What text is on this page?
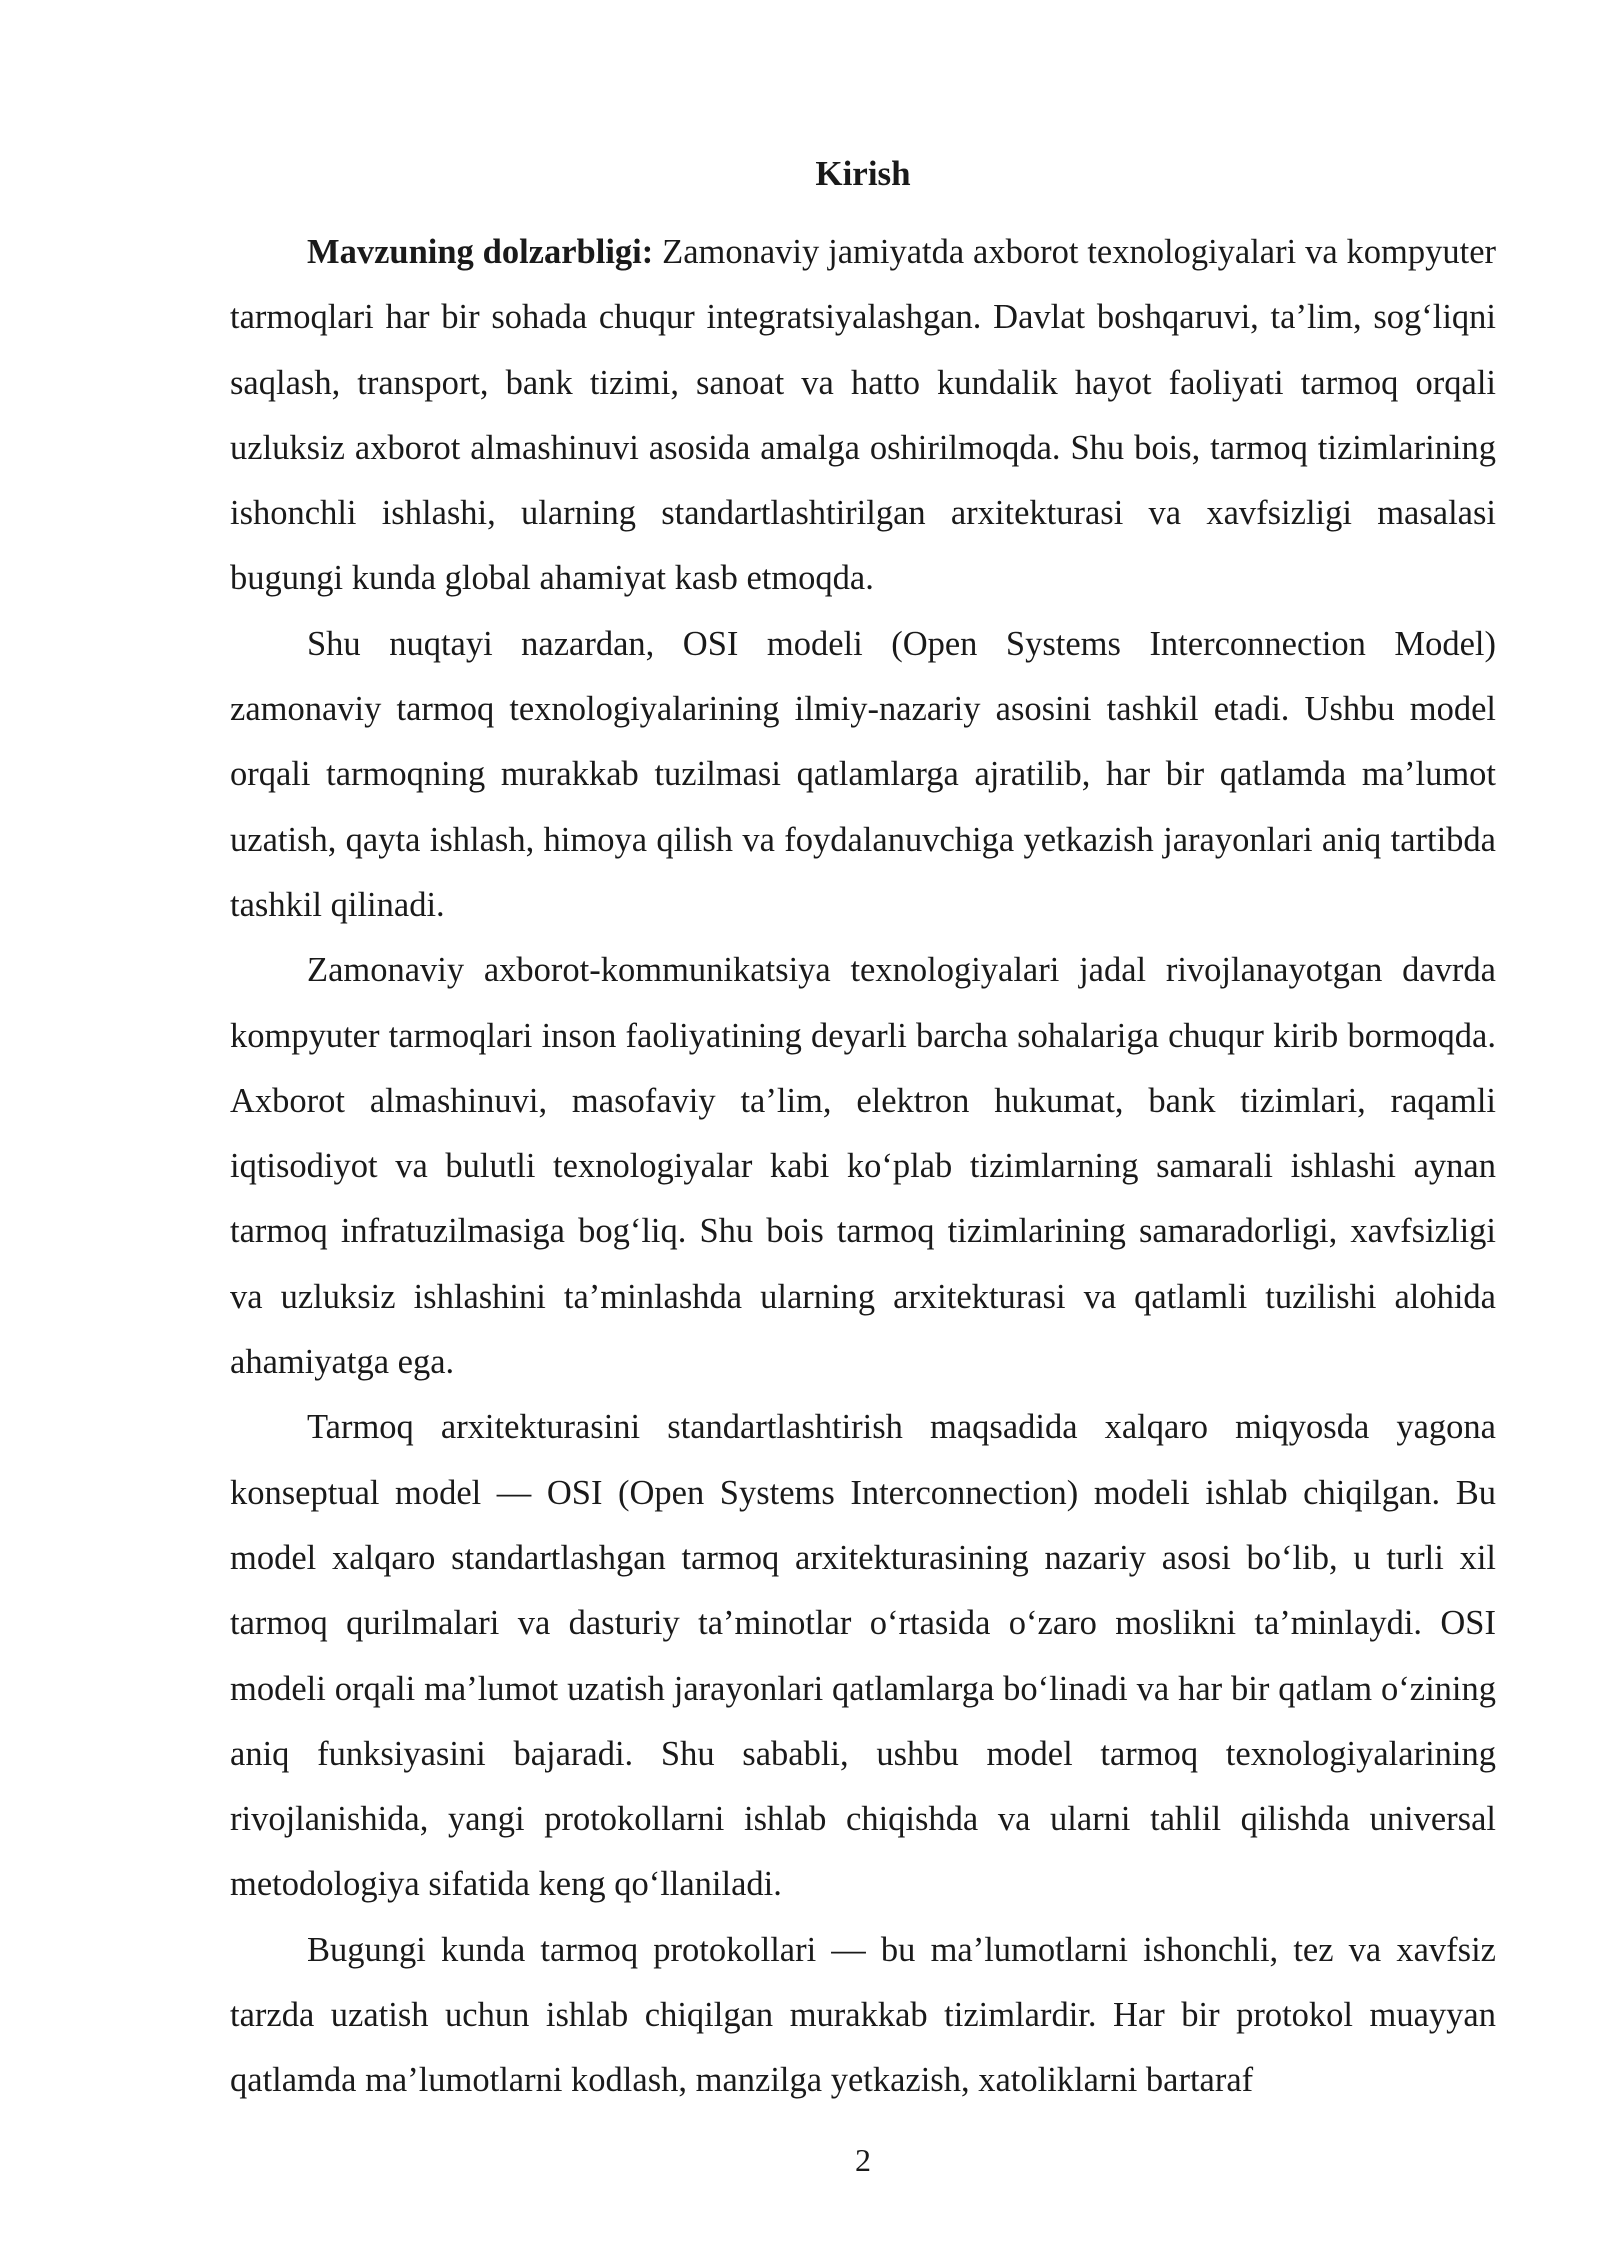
Kirish

Mavzuning dolzarbligi: Zamonaviy jamiyatda axborot texnologiyalari va kompyuter tarmoqlari har bir sohada chuqur integratsiyalashgan. Davlat boshqaruvi, ta’lim, sog‘liqni saqlash, transport, bank tizimi, sanoat va hatto kundalik hayot faoliyati tarmoq orqali uzluksiz axborot almashinuvi asosida amalga oshirilmoqda. Shu bois, tarmoq tizimlarining ishonchli ishlashi, ularning standartlashtirilgan arxitekturasi va xavfsizligi masalasi bugungi kunda global ahamiyat kasb etmoqda.

Shu nuqtayi nazardan, OSI modeli (Open Systems Interconnection Model) zamonaviy tarmoq texnologiyalarining ilmiy-nazariy asosini tashkil etadi. Ushbu model orqali tarmoqning murakkab tuzilmasi qatlamlarga ajratilib, har bir qatlamda ma’lumot uzatish, qayta ishlash, himoya qilish va foydalanuvchiga yetkazish jarayonlari aniq tartibda tashkil qilinadi.

Zamonaviy axborot-kommunikatsiya texnologiyalari jadal rivojlanayotgan davrda kompyuter tarmoqlari inson faoliyatining deyarli barcha sohalariga chuqur kirib bormoqda. Axborot almashinuvi, masofaviy ta’lim, elektron hukumat, bank tizimlari, raqamli iqtisodiyot va bulutli texnologiyalar kabi ko‘plab tizimlarning samarali ishlashi aynan tarmoq infratuzilmasiga bog‘liq. Shu bois tarmoq tizimlarining samaradorligi, xavfsizligi va uzluksiz ishlashini ta’minlashda ularning arxitekturasi va qatlamli tuzilishi alohida ahamiyatga ega.

Tarmoq arxitekturasini standartlashtirish maqsadida xalqaro miqyosda yagona konseptual model — OSI (Open Systems Interconnection) modeli ishlab chiqilgan. Bu model xalqaro standartlashgan tarmoq arxitekturasining nazariy asosi bo‘lib, u turli xil tarmoq qurilmalari va dasturiy ta’minotlar o‘rtasida o‘zaro moslikni ta’minlaydi. OSI modeli orqali ma’lumot uzatish jarayonlari qatlamlarga bo‘linadi va har bir qatlam o‘zining aniq funksiyasini bajaradi. Shu sababli, ushbu model tarmoq texnologiyalarining rivojlanishida, yangi protokollarni ishlab chiqishda va ularni tahlil qilishda universal metodologiya sifatida keng qo‘llaniladi.

Bugungi kunda tarmoq protokollari — bu ma’lumotlarni ishonchli, tez va xavfsiz tarzda uzatish uchun ishlab chiqilgan murakkab tizimlardir. Har bir protokol muayyan qatlamda ma’lumotlarni kodlash, manzilga yetkazish, xatoliklarni bartaraf

2
